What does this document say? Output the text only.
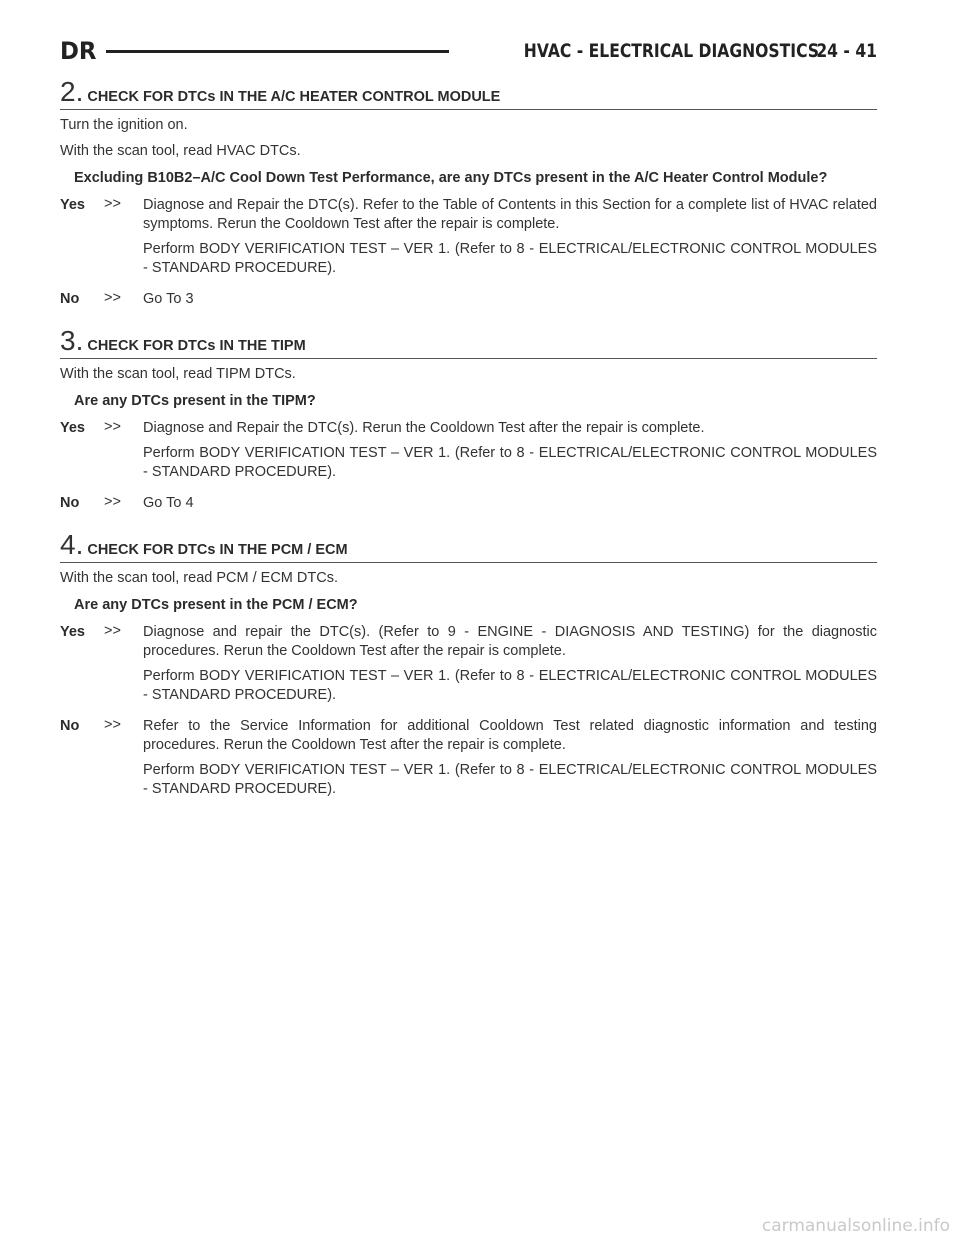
DR	HVAC - ELECTRICAL DIAGNOSTICS
24 - 41
2. CHECK FOR DTCs IN THE A/C HEATER CONTROL MODULE
Turn the ignition on.
With the scan tool, read HVAC DTCs.
Excluding B10B2–A/C Cool Down Test Performance, are any DTCs present in the A/C Heater Control Module?
Yes	>>	Diagnose and Repair the DTC(s). Refer to the Table of Contents in this Section for a complete list of HVAC related symptoms. Rerun the Cooldown Test after the repair is complete.
Perform BODY VERIFICATION TEST – VER 1. (Refer to 8 - ELECTRICAL/ELECTRONIC CONTROL MODULES - STANDARD PROCEDURE).
No	>>	Go To 3
3. CHECK FOR DTCs IN THE TIPM
With the scan tool, read TIPM DTCs.
Are any DTCs present in the TIPM?
Yes	>>	Diagnose and Repair the DTC(s). Rerun the Cooldown Test after the repair is complete.
Perform BODY VERIFICATION TEST – VER 1. (Refer to 8 - ELECTRICAL/ELECTRONIC CONTROL MODULES - STANDARD PROCEDURE).
No	>>	Go To 4
4. CHECK FOR DTCs IN THE PCM / ECM
With the scan tool, read PCM / ECM DTCs.
Are any DTCs present in the PCM / ECM?
Yes	>>	Diagnose and repair the DTC(s). (Refer to 9 - ENGINE - DIAGNOSIS AND TESTING) for the diagnostic procedures. Rerun the Cooldown Test after the repair is complete.
Perform BODY VERIFICATION TEST – VER 1. (Refer to 8 - ELECTRICAL/ELECTRONIC CONTROL MODULES - STANDARD PROCEDURE).
No	>>	Refer to the Service Information for additional Cooldown Test related diagnostic information and testing procedures. Rerun the Cooldown Test after the repair is complete.
Perform BODY VERIFICATION TEST – VER 1. (Refer to 8 - ELECTRICAL/ELECTRONIC CONTROL MODULES - STANDARD PROCEDURE).
carmanualsonline.info
